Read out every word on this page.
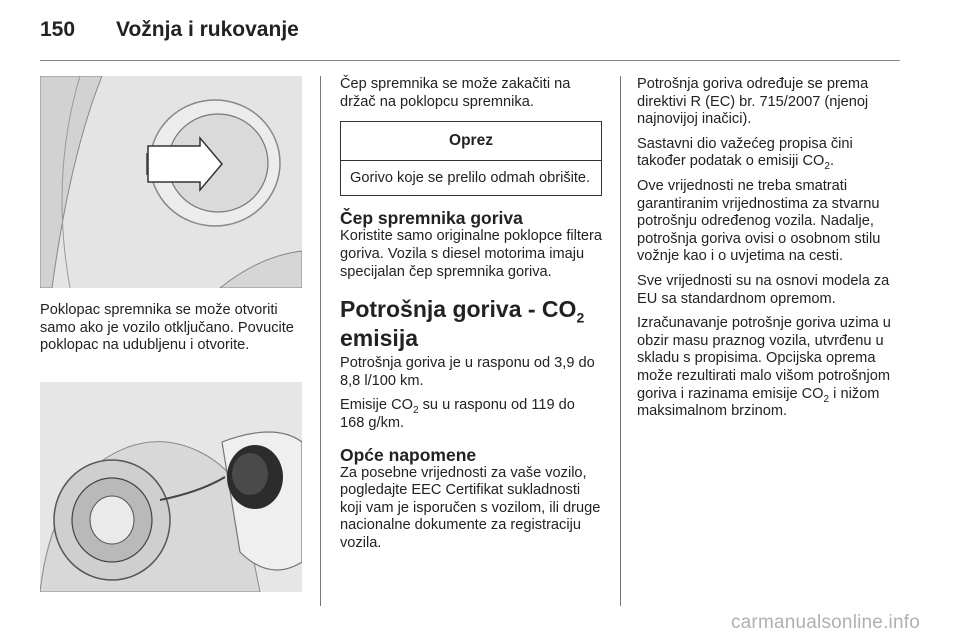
150 Vožnja i rukovanje

Poklopac spremnika se može otvoriti samo ako je vozilo otključano. Povucite poklopac na udubljenu i otvorite.

Čep spremnika se može zakačiti na držač na poklopcu spremnika.

Oprez
Gorivo koje se prelilo odmah obrišite.
Čep spremnika goriva

Koristite samo originalne poklopce filtera goriva. Vozila s diesel motorima imaju specijalan čep spremnika goriva.

Potrošnja goriva - $CO_2$
emisija

Potrošnja goriva je u rasponu od 3,9 do 8,8 l/100 km.

Emisije $CO_2$ su u rasponu od 119 do 168 g/km.

Opće napomene

Za posebne vrijednosti za vaše vozilo, pogledajte EEC Certifikat sukladnosti koji vam je isporučen s vozilom, ili druge nacionalne dokumente za registraciju vozila.

Potrošnja goriva određuje se prema direktivi R (EC) br. 715/2007 (njenoj najnovijoj inačici).

Sastavni dio važećeg propisa čini također podatak o emisiji $CO_2$.

Ove vrijednosti ne treba smatrati garantiranim vrijednostima za stvarnu potrošnju određenog vozila. Nadalje, potrošnja goriva ovisi o osobnom stilu vožnje kao i o uvjetima na cesti.

Sve vrijednosti su na osnovi modela za EU sa standardnom opremom.

Izračunavanje potrošnje goriva uzima u obzir masu praznog vozila, utvrđenu u skladu s propisima. Opcijska oprema može rezultirati malo višom potrošnjom goriva i razinama emisije $CO_2$ i nižom maksimalnom brzinom.

carmanualsonline.info
